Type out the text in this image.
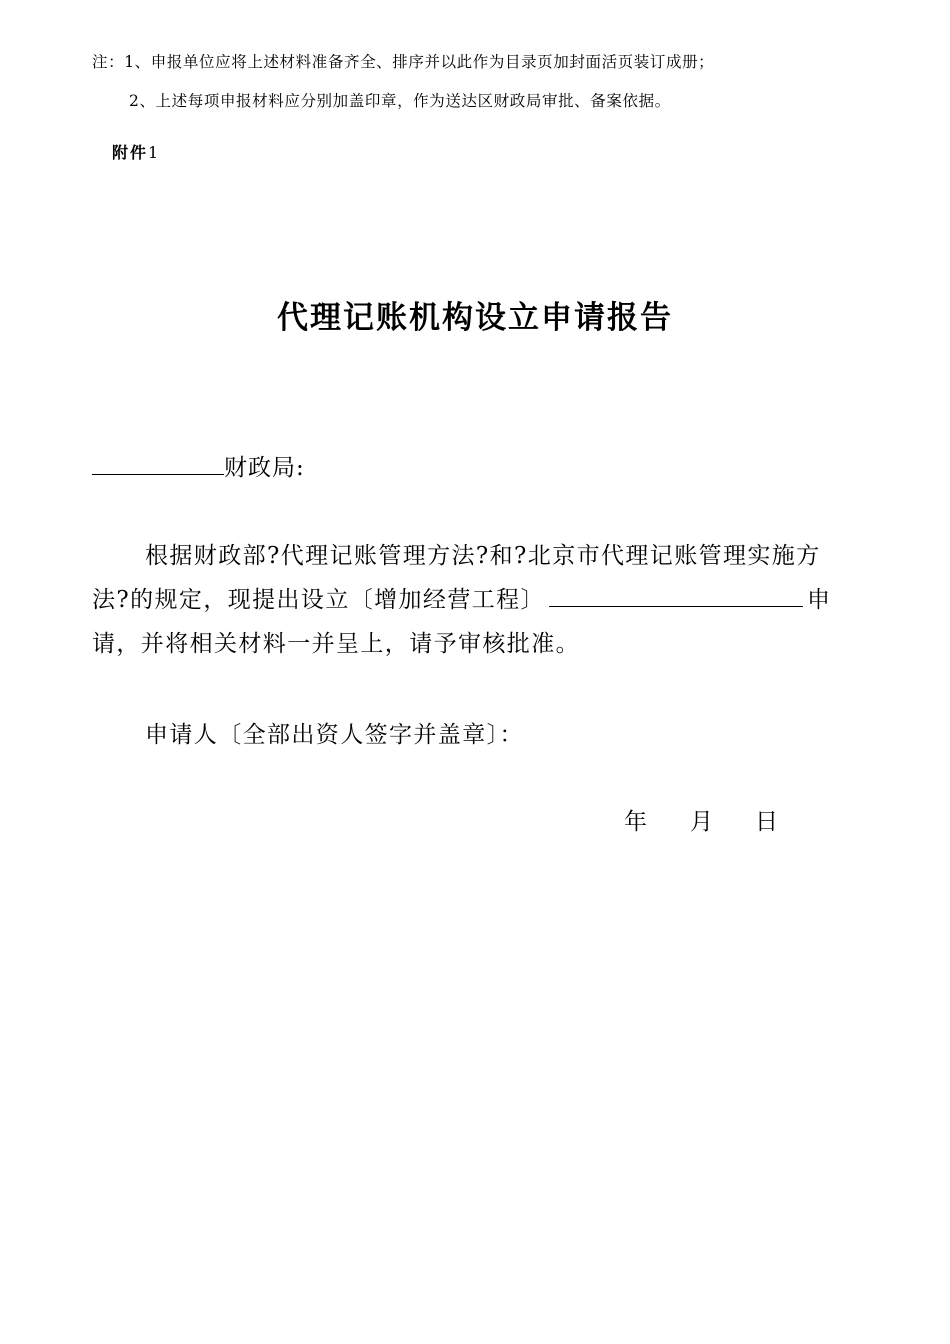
注：1、申报单位应将上述材料准备齐全、排序并以此作为目录页加封面活页装订成册；
2、上述每项申报材料应分别加盖印章，作为送达区财政局审批、备案依据。
附件1
代理记账机构设立申请报告
财政局:
根据财政部?代理记账管理方法?和?北京市代理记账管理实施方
法?的规定，现提出设立〔增加经营工程〕	申
请，并将相关材料一并呈上，请予审核批准。
申请人〔全部出资人签字并盖章〕：
年 月 日
